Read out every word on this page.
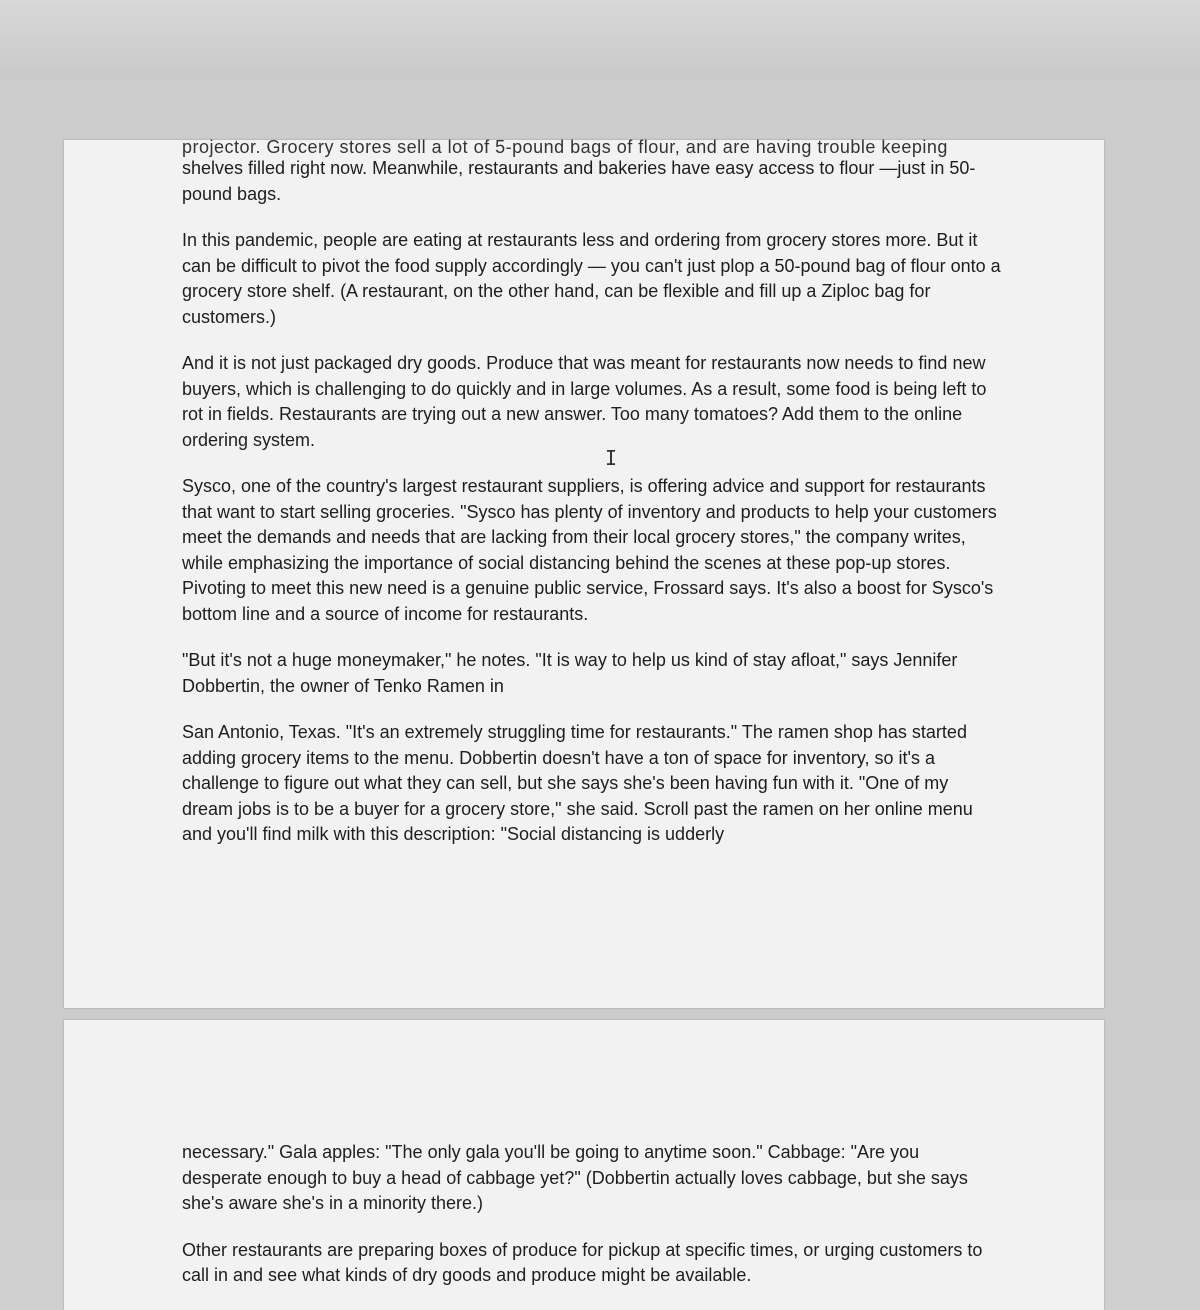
projector. Grocery stores sell a lot of 5-pound bags of flour, and are having trouble keeping

shelves filled right now. Meanwhile, restaurants and bakeries have easy access to flour —just in 50-pound bags.

In this pandemic, people are eating at restaurants less and ordering from grocery stores more. But it can be difficult to pivot the food supply accordingly — you can't just plop a 50-pound bag of flour onto a grocery store shelf. (A restaurant, on the other hand, can be flexible and fill up a Ziploc bag for customers.)

And it is not just packaged dry goods. Produce that was meant for restaurants now needs to find new buyers, which is challenging to do quickly and in large volumes. As a result, some food is being left to rot in fields. Restaurants are trying out a new answer. Too many tomatoes? Add them to the online ordering system.

Sysco, one of the country's largest restaurant suppliers, is offering advice and support for restaurants that want to start selling groceries. "Sysco has plenty of inventory and products to help your customers meet the demands and needs that are lacking from their local grocery stores," the company writes, while emphasizing the importance of social distancing behind the scenes at these pop-up stores. Pivoting to meet this new need is a genuine public service, Frossard says. It's also a boost for Sysco's bottom line and a source of income for restaurants.

"But it's not a huge moneymaker," he notes. "It is way to help us kind of stay afloat," says Jennifer Dobbertin, the owner of Tenko Ramen in

San Antonio, Texas. "It's an extremely struggling time for restaurants." The ramen shop has started adding grocery items to the menu. Dobbertin doesn't have a ton of space for inventory, so it's a challenge to figure out what they can sell, but she says she's been having fun with it. "One of my dream jobs is to be a buyer for a grocery store," she said. Scroll past the ramen on her online menu and you'll find milk with this description: "Social distancing is udderly

necessary." Gala apples: "The only gala you'll be going to anytime soon." Cabbage: "Are you desperate enough to buy a head of cabbage yet?" (Dobbertin actually loves cabbage, but she says she's aware she's in a minority there.)

Other restaurants are preparing boxes of produce for pickup at specific times, or urging customers to call in and see what kinds of dry goods and produce might be available.

I
